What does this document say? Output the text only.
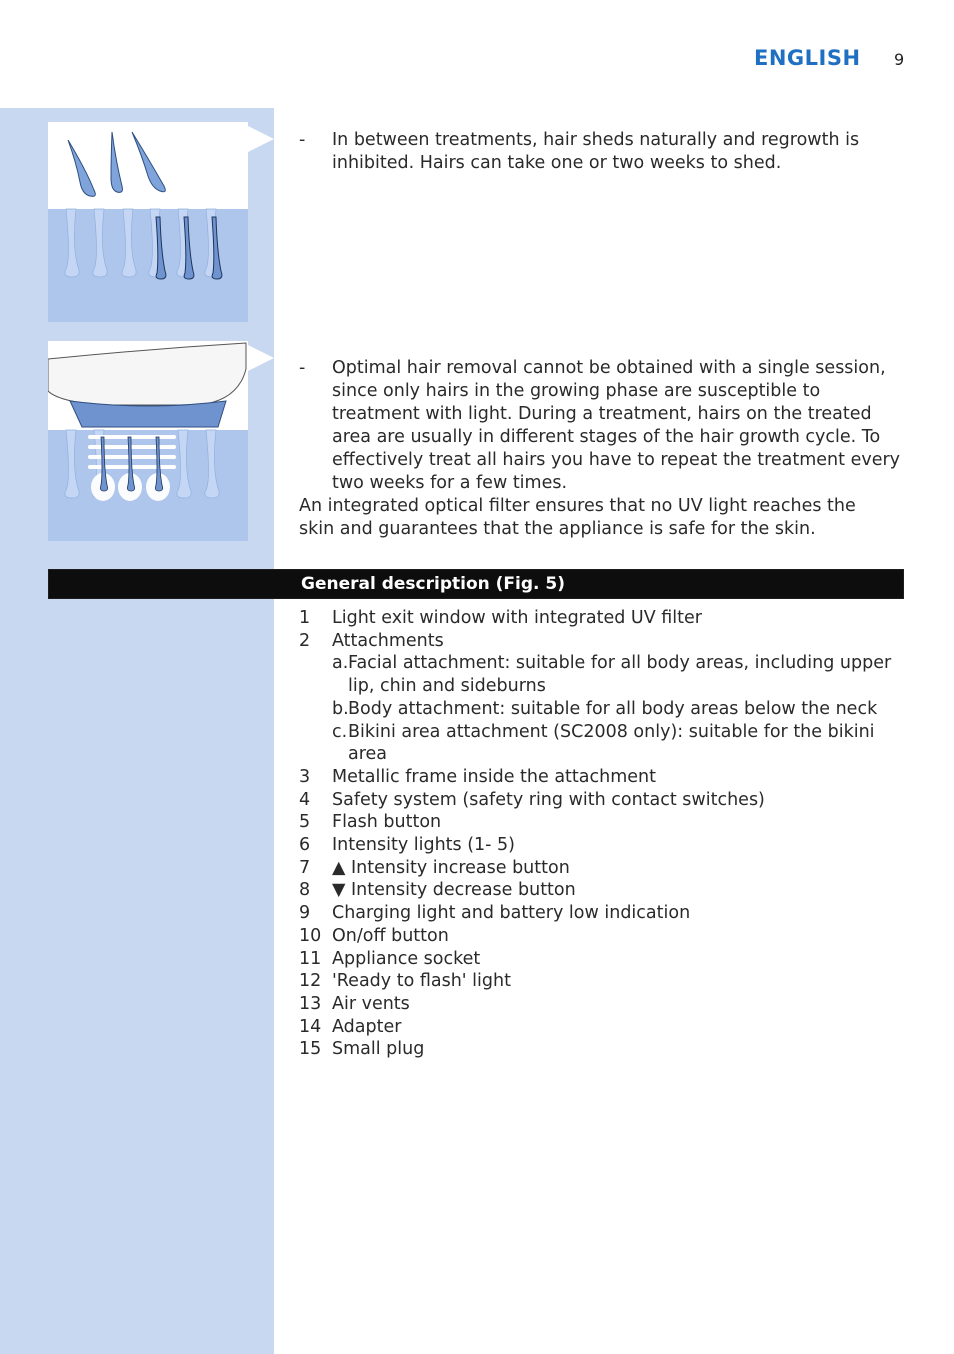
ENGLISH 9
- In between treatments, hair sheds naturally and regrowth is inhibited. Hairs can take one or two weeks to shed.
- Optimal hair removal cannot be obtained with a single session, since only hairs in the growing phase are susceptible to treatment with light. During a treatment, hairs on the treated area are usually in different stages of the hair growth cycle. To effectively treat all hairs you have to repeat the treatment every two weeks for a few times.
An integrated optical filter ensures that no UV light reaches the skin and guarantees that the appliance is safe for the skin.
General description (Fig. 5)
1 Light exit window with integrated UV filter
2 Attachments
a. Facial attachment: suitable for all body areas, including upper lip, chin and sideburns
b. Body attachment: suitable for all body areas below the neck
c. Bikini area attachment (SC2008 only): suitable for the bikini area
3 Metallic frame inside the attachment
4 Safety system (safety ring with contact switches)
5 Flash button
6 Intensity lights (1- 5)
7 ▲ Intensity increase button
8 ▼ Intensity decrease button
9 Charging light and battery low indication
10 On/off button
11 Appliance socket
12 'Ready to flash' light
13 Air vents
14 Adapter
15 Small plug
